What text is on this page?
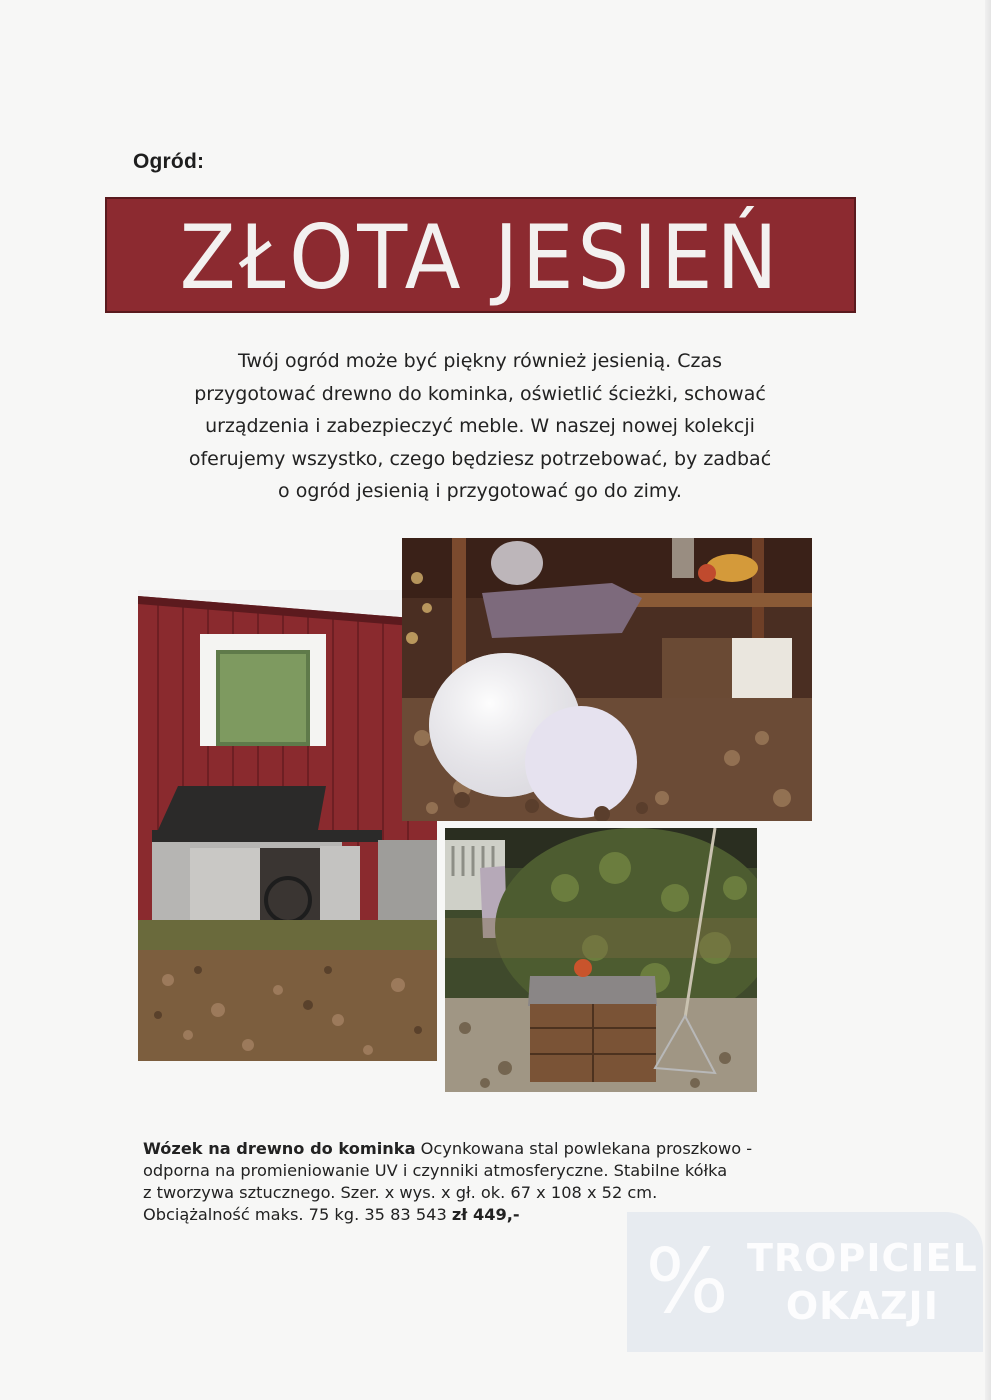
Ogród:
ZŁOTA JESIEŃ

Twój ogród może być piękny również jesienią. Czas

przygotować drewno do kominka, oświetlić ścieżki, schować

urządzenia i zabezpieczyć meble. W naszej nowej kolekcji

oferujemy wszystko, czego będziesz potrzebować, by zadbać

o ogród jesienią i przygotować go do zimy.

Wózek na drewno do kominka Ocynkowana stal powlekana proszkowo -
odporna na promieniowanie UV i czynniki atmosferyczne. Stabilne kółka
z tworzywa sztucznego. Szer. x wys. x gł. ok. 67 x 108 x 52 cm.
Obciążalność maks. 75 kg. 35 83 543 zł 449,-
% TROPICIEL
OKAZJI
